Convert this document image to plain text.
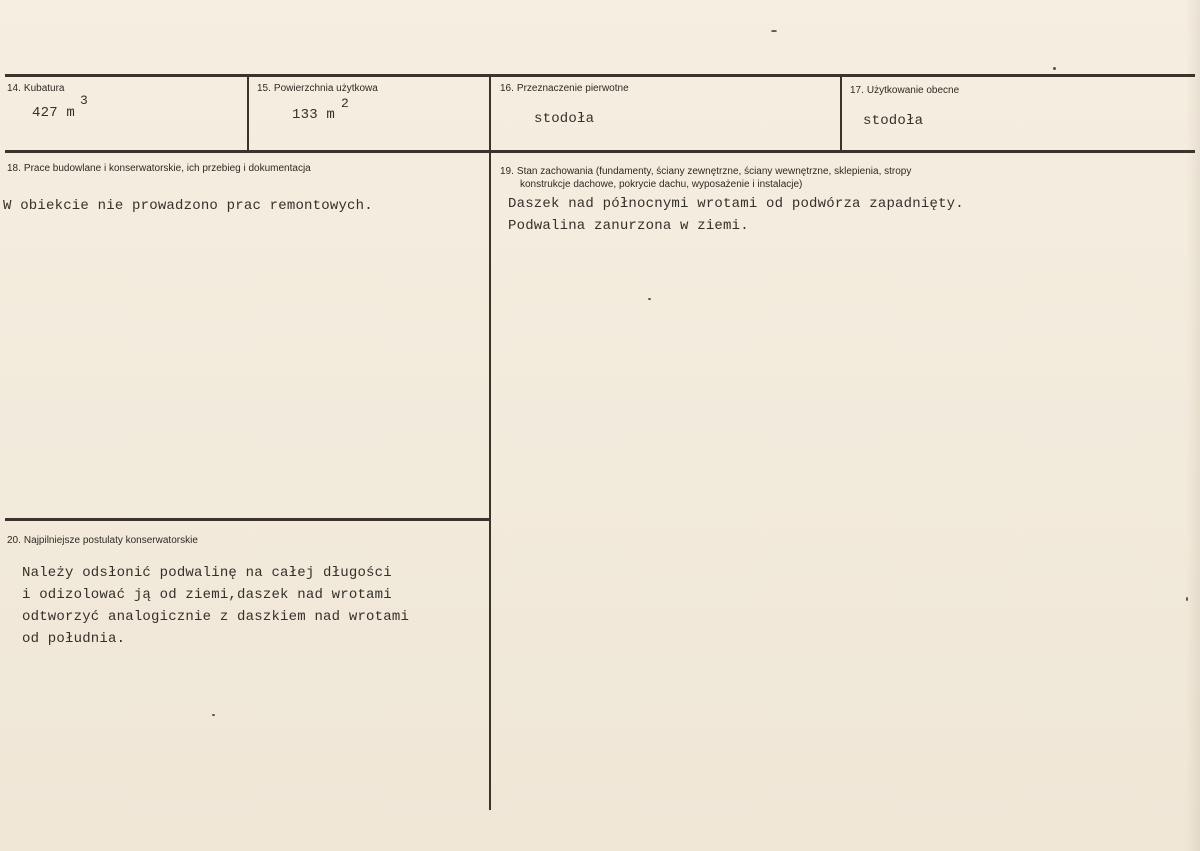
14. Kubatura
427 m
3
15. Powierzchnia użytkowa
133 m
2
16. Przeznaczenie pierwotne
stodoła
17. Użytkowanie obecne
stodoła
18. Prace budowlane i konserwatorskie, ich przebieg i dokumentacja
W obiekcie nie prowadzono prac remontowych.
19. Stan zachowania (fundamenty, ściany zewnętrzne, ściany wewnętrzne, sklepienia, stropy
konstrukcje dachowe, pokrycie dachu, wyposażenie i instalacje)
Daszek nad północnymi wrotami od podwórza zapadnięty.
Podwalina zanurzona w ziemi.
20. Najpilniejsze postulaty konserwatorskie
Należy odsłonić podwalinę na całej długości
i odizolować ją od ziemi,daszek nad wrotami
odtworzyć analogicznie z daszkiem nad wrotami
od południa.
